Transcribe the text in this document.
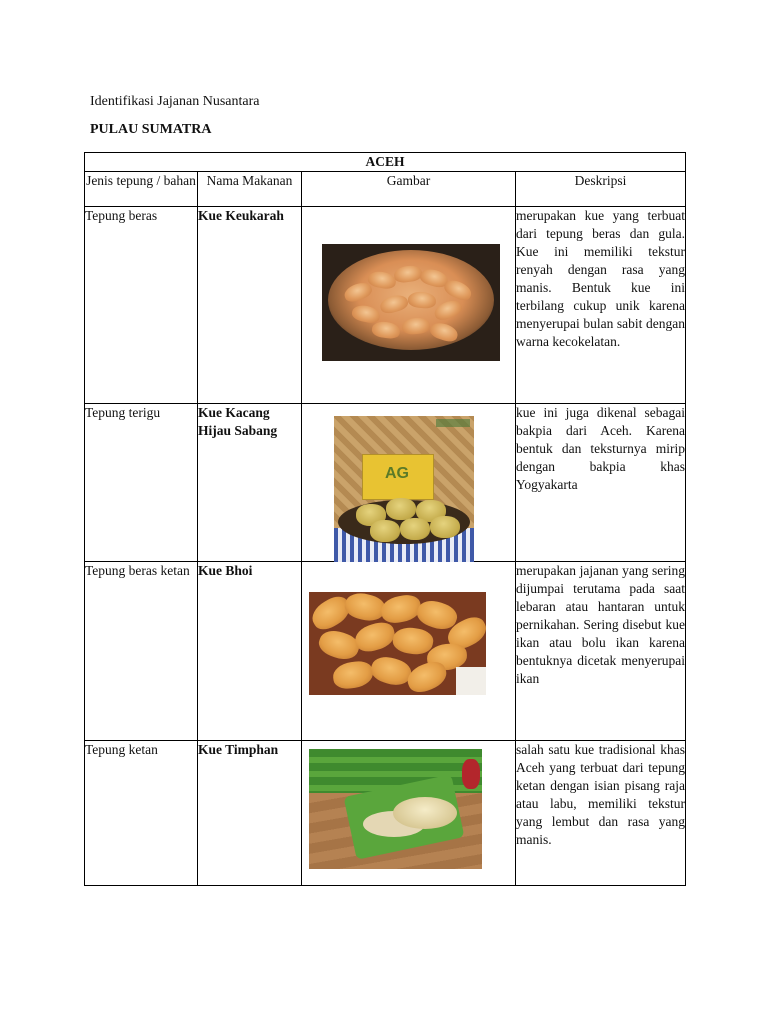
Identifikasi Jajanan Nusantara
PULAU SUMATRA
ACEH			
Jenis tepung / bahan	Nama Makanan	Gambar	Deskripsi
Tepung beras	Kue Keukarah		merupakan kue yang terbuat dari tepung beras dan gula. Kue ini memiliki tekstur renyah dengan rasa yang manis. Bentuk kue ini terbilang cukup unik karena menyerupai bulan sabit dengan warna kecokelatan.
Tepung terigu	Kue Kacang Hijau Sabang	AG	kue ini juga dikenal sebagai bakpia dari Aceh. Karena bentuk dan teksturnya mirip dengan bakpia khas Yogyakarta
Tepung beras ketan	Kue Bhoi		merupakan jajanan yang sering dijumpai terutama pada saat lebaran atau hantaran untuk pernikahan. Sering disebut kue ikan atau bolu ikan karena bentuknya dicetak menyerupai ikan
Tepung ketan	Kue Timphan		salah satu kue tradisional khas Aceh yang terbuat dari tepung ketan dengan isian pisang raja atau labu, memiliki tekstur yang lembut dan rasa yang manis.
